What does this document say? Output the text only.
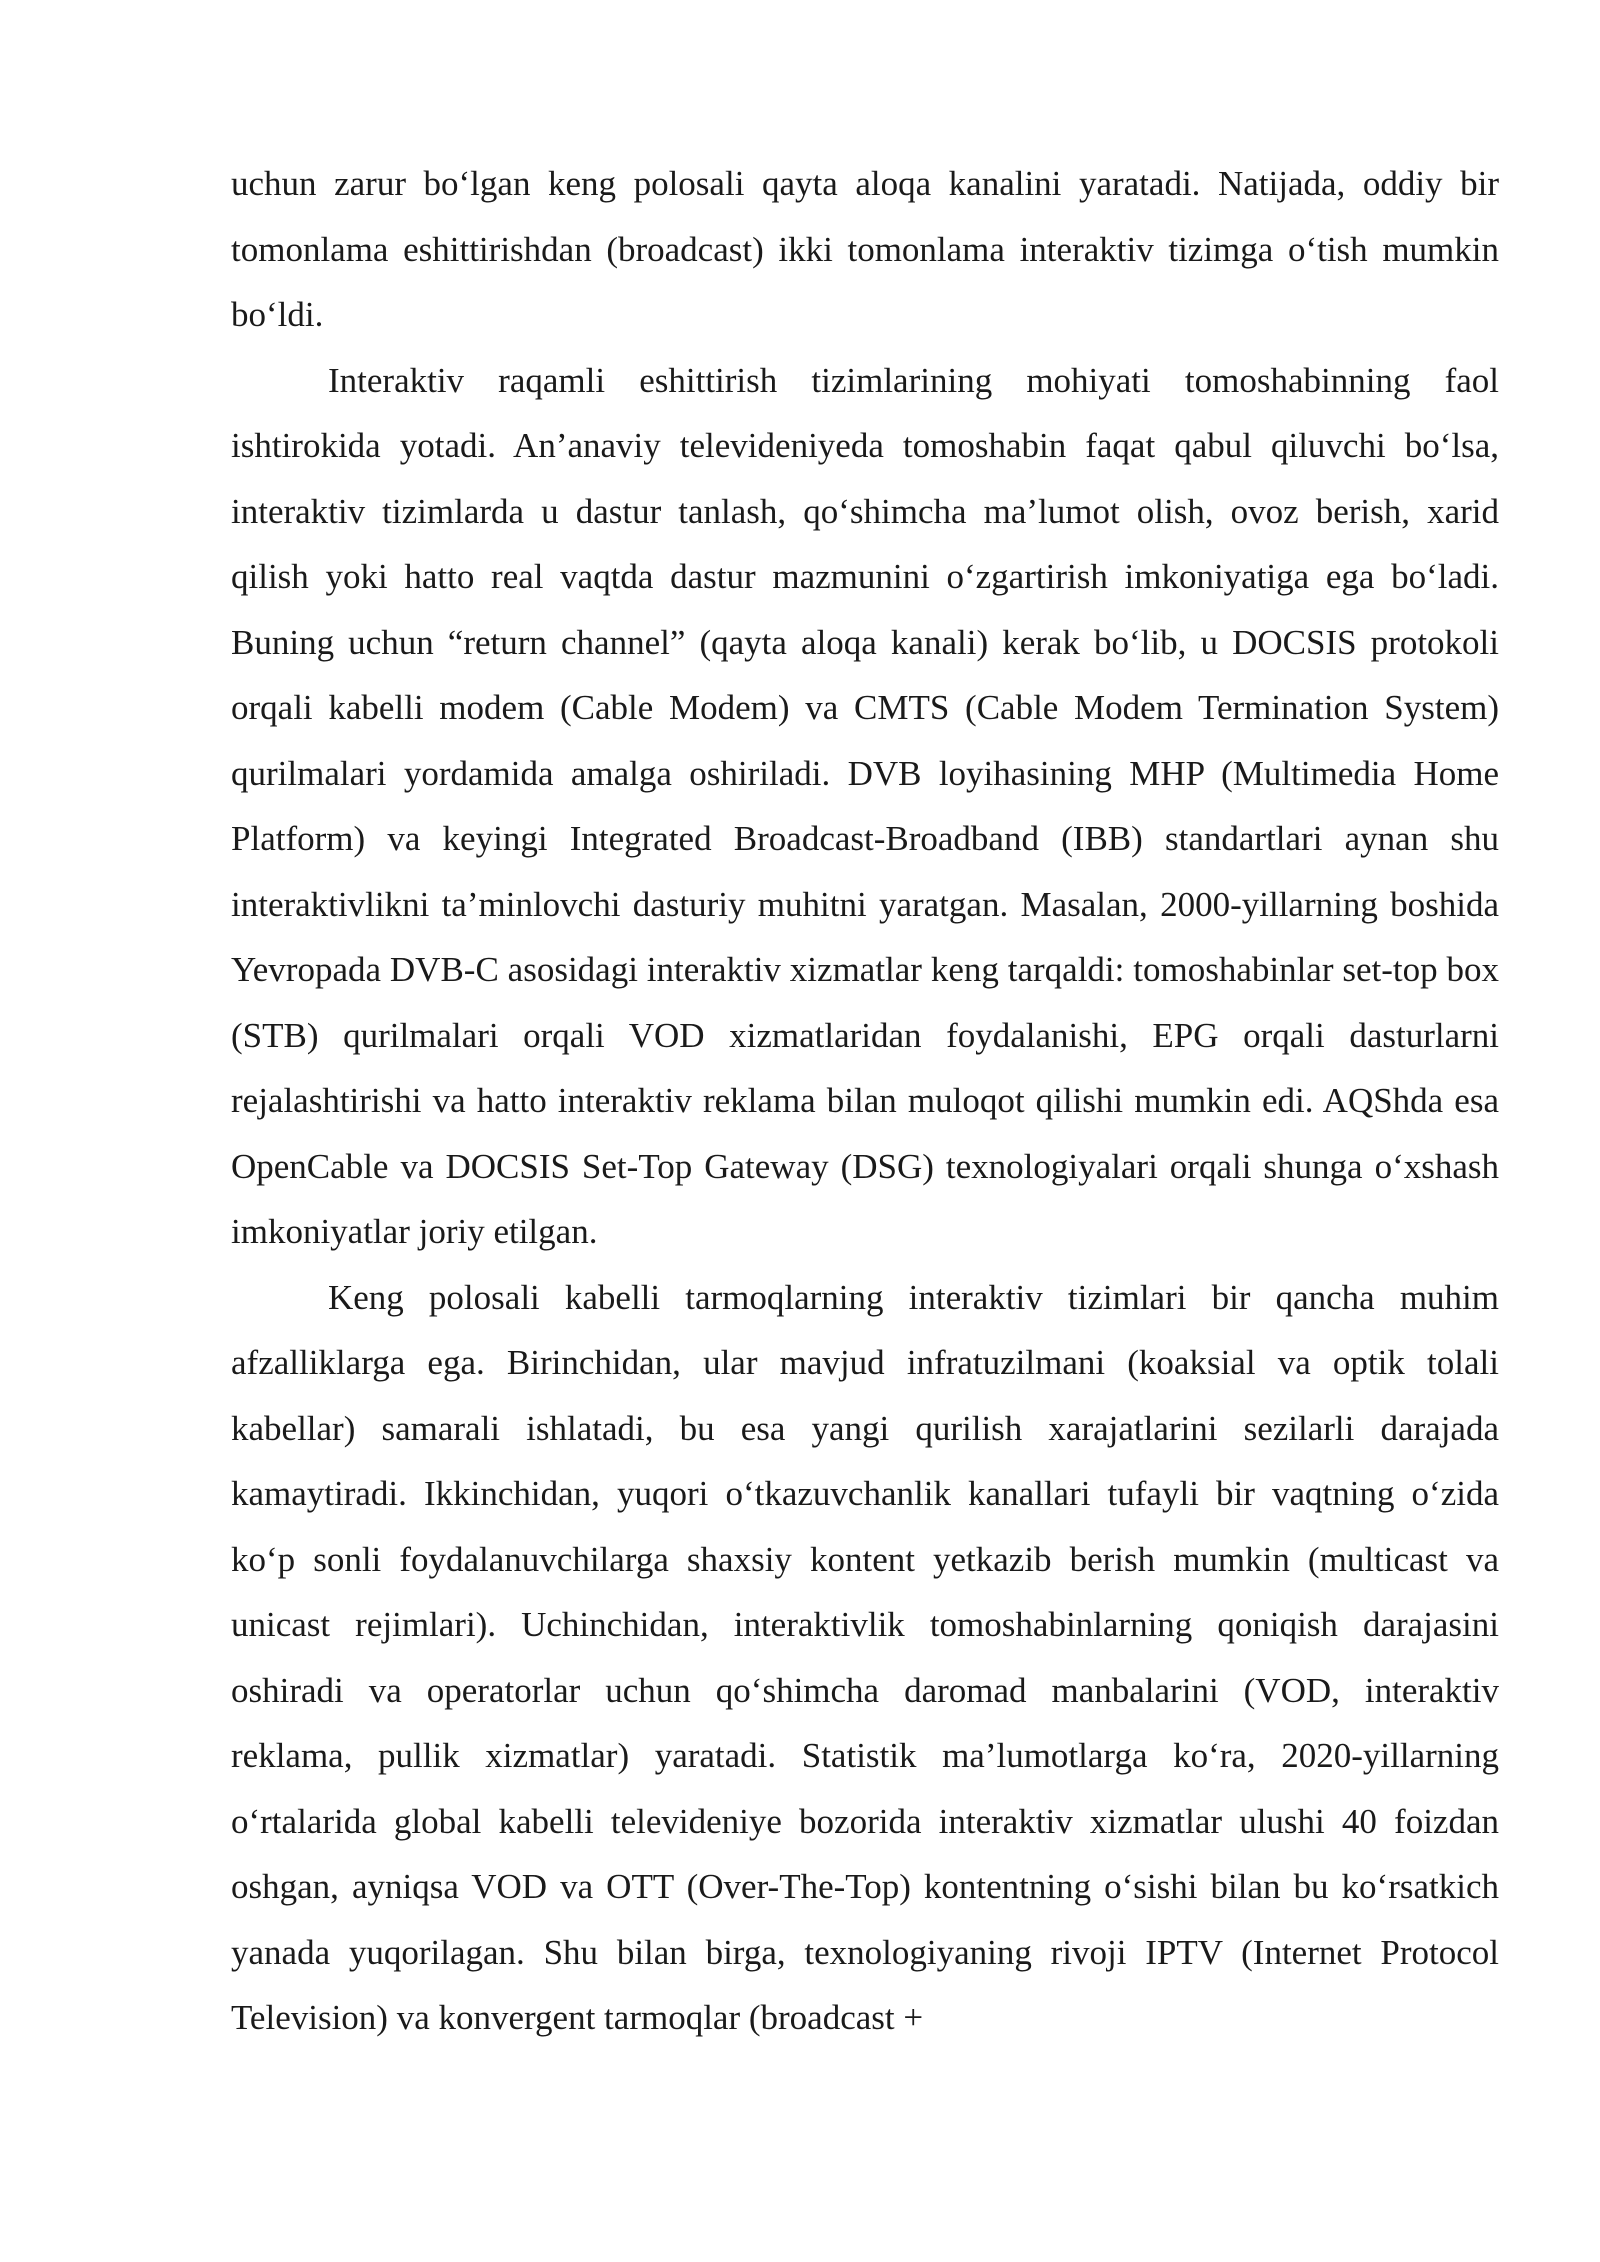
uchun zarur bo‘lgan keng polosali qayta aloqa kanalini yaratadi. Natijada, oddiy bir tomonlama eshittirishdan (broadcast) ikki tomonlama interaktiv tizimga o‘tish mumkin bo‘ldi.

Interaktiv raqamli eshittirish tizimlarining mohiyati tomoshabinning faol ishtirokida yotadi. An’anaviy televideniyeda tomoshabin faqat qabul qiluvchi bo‘lsa, interaktiv tizimlarda u dastur tanlash, qo‘shimcha ma’lumot olish, ovoz berish, xarid qilish yoki hatto real vaqtda dastur mazmunini o‘zgartirish imkoniyatiga ega bo‘ladi. Buning uchun “return channel” (qayta aloqa kanali) kerak bo‘lib, u DOCSIS protokoli orqali kabelli modem (Cable Modem) va CMTS (Cable Modem Termination System) qurilmalari yordamida amalga oshiriladi. DVB loyihasining MHP (Multimedia Home Platform) va keyingi Integrated Broadcast-Broadband (IBB) standartlari aynan shu interaktivlikni ta’minlovchi dasturiy muhitni yaratgan. Masalan, 2000-yillarning boshida Yevropada DVB-C asosidagi interaktiv xizmatlar keng tarqaldi: tomoshabinlar set-top box (STB) qurilmalari orqali VOD xizmatlaridan foydalanishi, EPG orqali dasturlarni rejalashtirishi va hatto interaktiv reklama bilan muloqot qilishi mumkin edi. AQShda esa OpenCable va DOCSIS Set-Top Gateway (DSG) texnologiyalari orqali shunga o‘xshash imkoniyatlar joriy etilgan.

Keng polosali kabelli tarmoqlarning interaktiv tizimlari bir qancha muhim afzalliklarga ega. Birinchidan, ular mavjud infratuzilmani (koaksial va optik tolali kabellar) samarali ishlatadi, bu esa yangi qurilish xarajatlarini sezilarli darajada kamaytiradi. Ikkinchidan, yuqori o‘tkazuvchanlik kanallari tufayli bir vaqtning o‘zida ko‘p sonli foydalanuvchilarga shaxsiy kontent yetkazib berish mumkin (multicast va unicast rejimlari). Uchinchidan, interaktivlik tomoshabinlarning qoniqish darajasini oshiradi va operatorlar uchun qo‘shimcha daromad manbalarini (VOD, interaktiv reklama, pullik xizmatlar) yaratadi. Statistik ma’lumotlarga ko‘ra, 2020-yillarning o‘rtalarida global kabelli televideniye bozorida interaktiv xizmatlar ulushi 40 foizdan oshgan, ayniqsa VOD va OTT (Over-The-Top) kontentning o‘sishi bilan bu ko‘rsatkich yanada yuqorilagan. Shu bilan birga, texnologiyaning rivoji IPTV (Internet Protocol Television) va konvergent tarmoqlar (broadcast +
